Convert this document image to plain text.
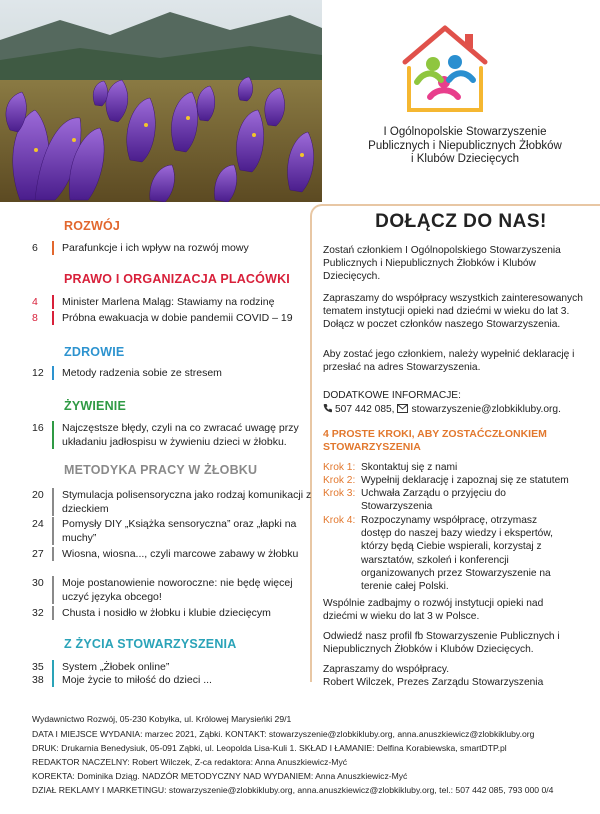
I Ogólnopolskie Stowarzyszenie
Publicznych i Niepublicznych Żłobków
i Klubów Dziecięcych
ROZWÓJ
6	Parafunkcje i ich wpływ na rozwój mowy
PRAWO I ORGANIZACJA PLACÓWKI
4	Minister Marlena Maląg: Stawiamy na rodzinę
8	Próbna ewakuacja w dobie pandemii COVID – 19
ZDROWIE
12	Metody radzenia sobie ze stresem
ŻYWIENIE
16	Najczęstsze błędy, czyli na co zwracać uwagę przy układaniu jadłospisu w żywieniu dzieci w żłobku.
METODYKA PRACY W ŻŁOBKU
20	Stymulacja polisensoryczna jako rodzaj komunikacji z dzieckiem
24	Pomysły DIY „Książka sensoryczna” oraz „łapki na muchy”
27	Wiosna, wiosna..., czyli marcowe zabawy w żłobku
30	Moje postanowienie noworoczne: nie będę więcej uczyć języka obcego!
32	Chusta i nosidło w żłobku i klubie dziecięcym
Z ŻYCIA STOWARZYSZENIA
35	System „Żłobek online”
38	Moje życie to miłość do dzieci ...
DOŁĄCZ DO NAS!
Zostań członkiem I Ogólnopolskiego Stowarzyszenia Publicznych i Niepublicznych Żłobków i Klubów Dziecięcych.
Zapraszamy do współpracy wszystkich zainteresowanych tematem instytucji opieki nad dziećmi w wieku do lat 3. Dołącz w poczet członków naszego Stowarzyszenia.
Aby zostać jego członkiem, należy wypełnić deklarację i przesłać na adres Stowarzyszenia.
DODATKOWE INFORMACJE:
507 442 085, stowarzyszenie@zlobkikluby.org.
4 PROSTE KROKI, ABY ZOSTAĆCZŁONKIEM
STOWARZYSZENIA
Krok 1: Skontaktuj się z nami
Krok 2: Wypełnij deklarację i zapoznaj się ze statutem
Krok 3: Uchwała Zarządu o przyjęciu do Stowarzyszenia
Krok 4: Rozpoczynamy współpracę, otrzymasz dostęp do naszej bazy wiedzy i ekspertów, którzy będą Ciebie wspierali, korzystaj z warsztatów, szkoleń i konferencji organizowanych przez Stowarzyszenie na terenie całej Polski.
Wspólnie zadbajmy o rozwój instytucji opieki nad dziećmi w wieku do lat 3 w Polsce.
Odwiedź nasz profil fb Stowarzyszenie Publicznych i Niepublicznych Żłobków i Klubów Dziecięcych.
Zapraszamy do współpracy.
Robert Wilczek, Prezes Zarządu Stowarzyszenia
Wydawnictwo Rozwój, 05-230 Kobyłka, ul. Królowej Marysieńki 29/1
DATA I MIEJSCE WYDANIA: marzec 2021, Ząbki. KONTAKT: stowarzyszenie@zlobkikluby.org, anna.anuszkiewicz@zlobkikluby.org
DRUK: Drukarnia Benedysiuk, 05-091 Ząbki, ul. Leopolda Lisa-Kuli 1. SKŁAD I ŁAMANIE: Delfina Korabiewska, smartDTP.pl
REDAKTOR NACZELNY: Robert Wilczek, Z-ca redaktora: Anna Anuszkiewicz-Myć
KOREKTA: Dominika Dziąg. NADZÓR METODYCZNY NAD WYDANIEM: Anna Anuszkiewicz-Myć
DZIAŁ REKLAMY I MARKETINGU: stowarzyszenie@zlobkikluby.org, anna.anuszkiewicz@zlobkikluby.org, tel.: 507 442 085, 793 000 0/4
